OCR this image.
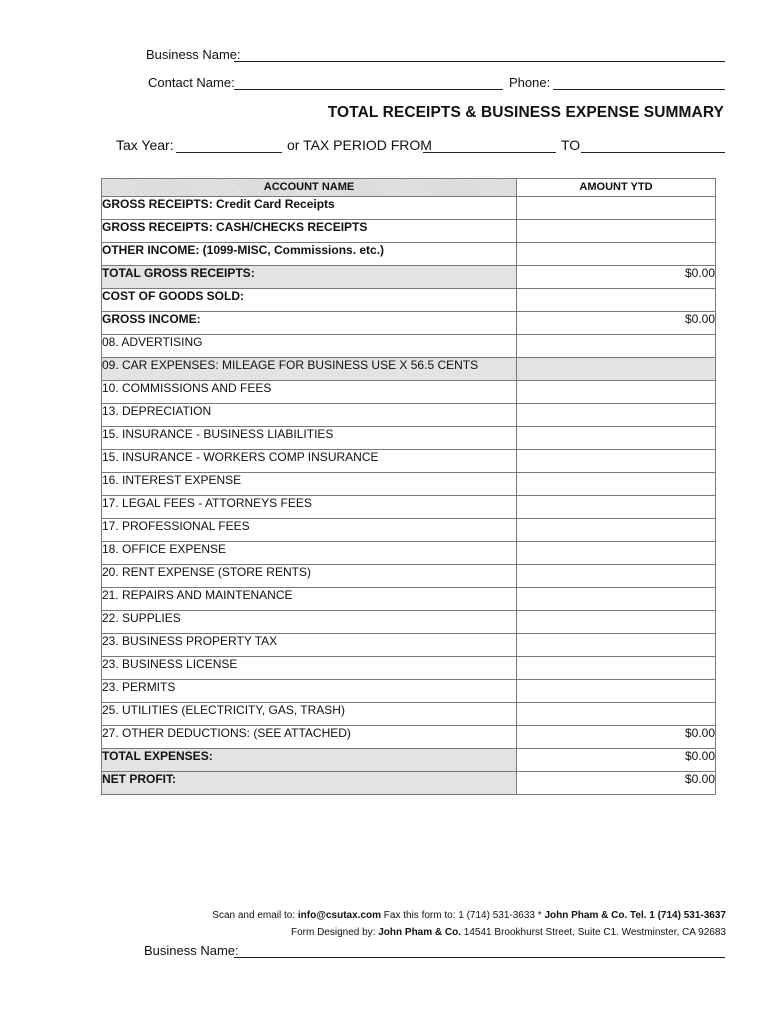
Business Name:
Contact Name:	Phone:
TOTAL RECEIPTS & BUSINESS EXPENSE SUMMARY
Tax Year:	or TAX PERIOD FROM	TO
ACCOUNT NAME	AMOUNT YTD
GROSS RECEIPTS: Credit Card Receipts	

GROSS RECEIPTS: CASH/CHECKS RECEIPTS	

OTHER INCOME: (1099-MISC, Commissions. etc.)	

TOTAL GROSS RECEIPTS:	$0.00

COST OF GOODS SOLD:	

GROSS INCOME:	$0.00

08. ADVERTISING	

09. CAR EXPENSES: MILEAGE FOR BUSINESS USE X 56.5 CENTS	

10. COMMISSIONS AND FEES	

13. DEPRECIATION	

15. INSURANCE - BUSINESS LIABILITIES	

15. INSURANCE - WORKERS COMP INSURANCE	

16. INTEREST EXPENSE	

17. LEGAL FEES - ATTORNEYS FEES	

17. PROFESSIONAL FEES	

18. OFFICE EXPENSE	

20. RENT EXPENSE (STORE RENTS)	

21. REPAIRS AND MAINTENANCE	

22. SUPPLIES	

23. BUSINESS PROPERTY TAX	

23. BUSINESS LICENSE	

23. PERMITS	

25. UTILITIES (ELECTRICITY, GAS, TRASH)	

27. OTHER DEDUCTIONS: (SEE ATTACHED)	$0.00

TOTAL EXPENSES:	$0.00

NET PROFIT:	$0.00
Scan and email to: info@csutax.com Fax this form to: 1 (714) 531-3633 * John Pham & Co. Tel. 1 (714) 531-3637
Form Designed by: John Pham & Co. 14541 Brookhurst Street, Suite C1. Westminster, CA 92683
Business Name:
